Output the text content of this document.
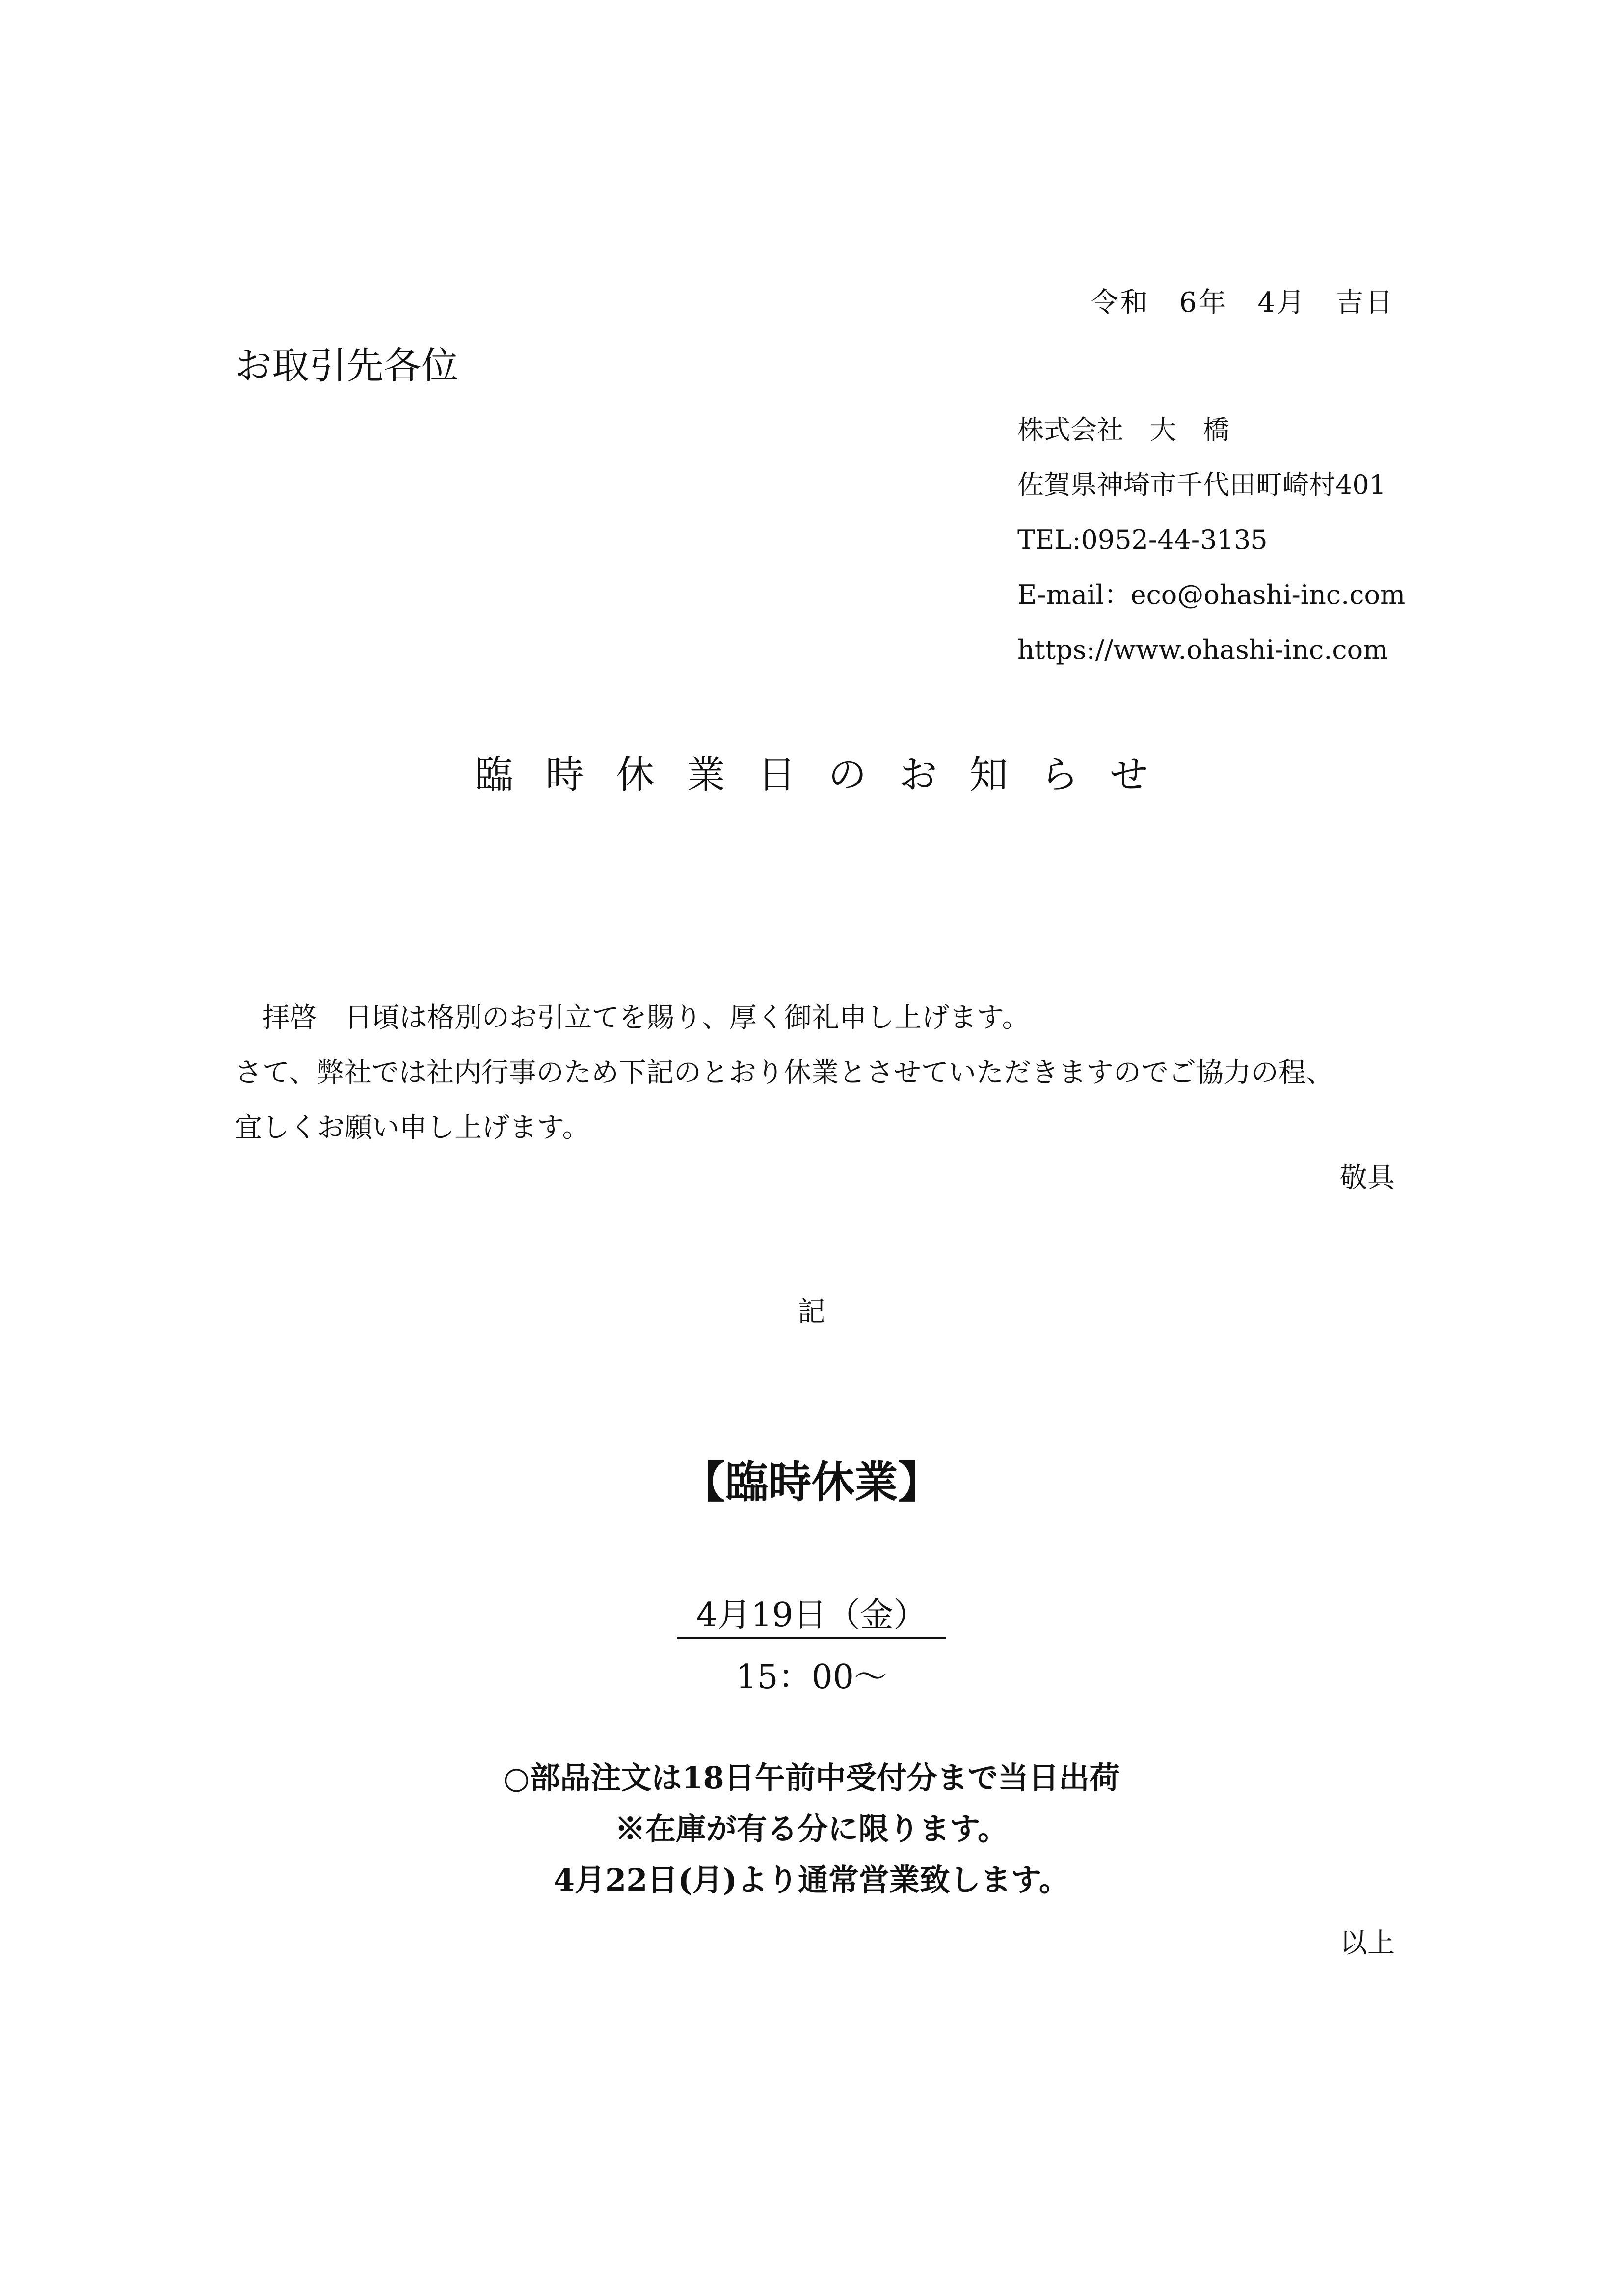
令和　6年　4月　吉日
お取引先各位
株式会社　大　橋
佐賀県神埼市千代田町崎村401
TEL:0952-44-3135
E-mail：eco@ohashi-inc.com
https://www.ohashi-inc.com
臨時休業日のお知らせ
拝啓　日頃は格別のお引立てを賜り、厚く御礼申し上げます。
さて、弊社では社内行事のため下記のとおり休業とさせていただきますのでご協力の程、
宜しくお願い申し上げます。
敬具
記
【臨時休業】
4月19日（金）
15：00〜
○部品注文は18日午前中受付分まで当日出荷
※在庫が有る分に限ります。
4月22日(月)より通常営業致します。
以上
